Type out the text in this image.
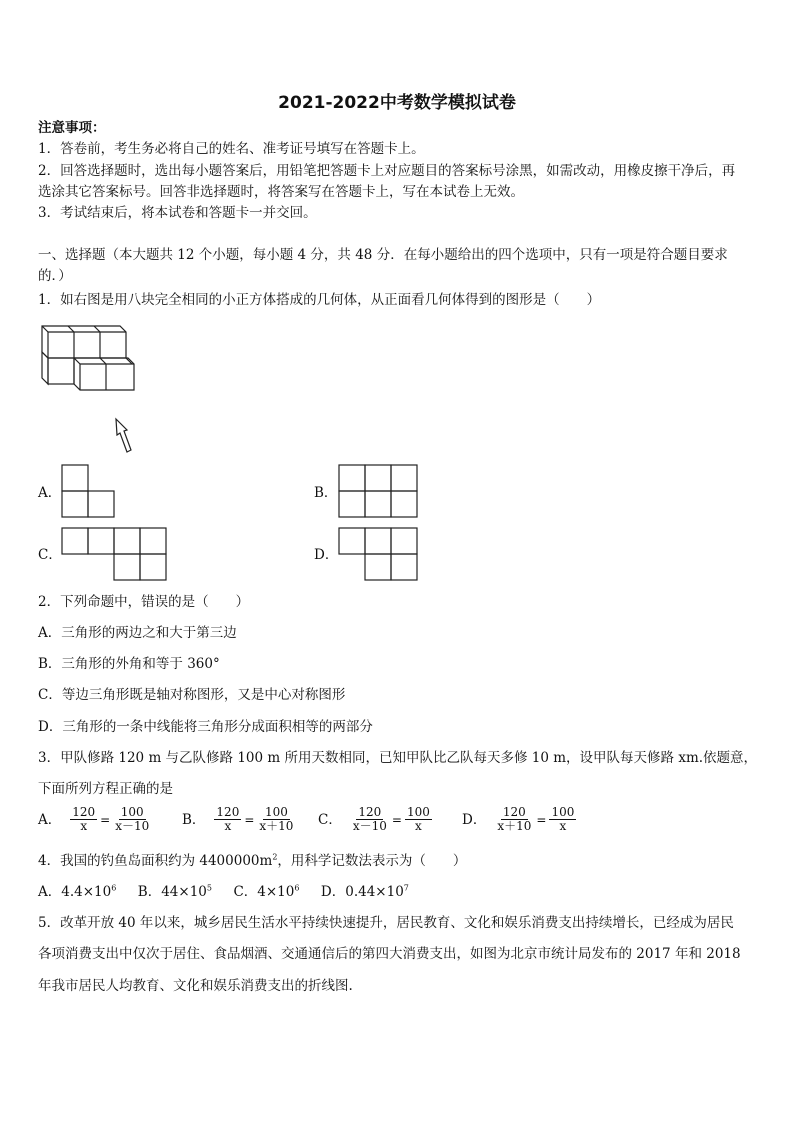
2021-2022中考数学模拟试卷
注意事项：
1．答卷前，考生务必将自己的姓名、准考证号填写在答题卡上。
2．回答选择题时，选出每小题答案后，用铅笔把答题卡上对应题目的答案标号涂黑，如需改动，用橡皮擦干净后，再
选涂其它答案标号。回答非选择题时，将答案写在答题卡上，写在本试卷上无效。
3．考试结束后，将本试卷和答题卡一并交回。
一、选择题（本大题共 12 个小题，每小题 4 分，共 48 分．在每小题给出的四个选项中，只有一项是符合题目要求
的．）
1．如右图是用八块完全相同的小正方体搭成的几何体，从正面看几何体得到的图形是（　　）
A．	B．
C．	D．
2．下列命题中，错误的是（　　）
A．三角形的两边之和大于第三边
B．三角形的外角和等于 360°
C．等边三角形既是轴对称图形，又是中心对称图形
D．三角形的一条中线能将三角形分成面积相等的两部分
3．甲队修路 120 m 与乙队修路 100 m 所用天数相同，已知甲队比乙队每天多修 10 m，设甲队每天修路 xm.依题意，
下面所列方程正确的是
A． $\frac{120}{x} = \frac{100}{x-10}$ B． $\frac{120}{x} = \frac{100}{x+10}$ C． $\frac{120}{x-10} = \frac{100}{x}$ D． $\frac{120}{x+10} = \frac{100}{x}$
4．我国的钓鱼岛面积约为 $4400000m^2$，用科学记数法表示为（　　）
A．$4.4\times 10^6$ B．$44\times 10^5$ C．$4\times 10^6$ D．$0.44\times 10^7$
5．改革开放 40 年以来，城乡居民生活水平持续快速提升，居民教育、文化和娱乐消费支出持续增长，已经成为居民
各项消费支出中仅次于居住、食品烟酒、交通通信后的第四大消费支出，如图为北京市统计局发布的 2017 年和 2018
年我市居民人均教育、文化和娱乐消费支出的折线图.
